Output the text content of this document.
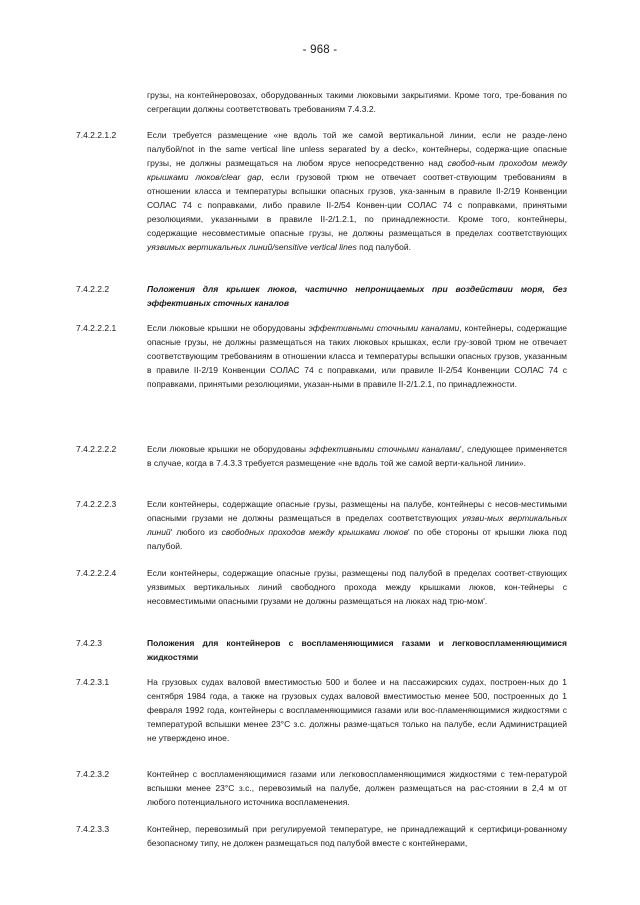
- 968 -
грузы, на контейнеровозах, оборудованных такими люковыми закрытиями. Кроме того, тре-бования по сегрегации должны соответствовать требованиям 7.4.3.2.
7.4.2.2.1.2	Если требуется размещение «не вдоль той же самой вертикальной линии, если не разде-лено палубой/not in the same vertical line unless separated by a deck», контейнеры, содержа-щие опасные грузы, не должны размещаться на любом ярусе непосредственно над свобод-ным проходом между крышками люков/clear gap, если грузовой трюм не отвечает соответ-ствующим требованиям в отношении класса и температуры вспышки опасных грузов, ука-занным в правиле II-2/19 Конвенции СОЛАС 74 с поправками, либо правиле II-2/54 Конвен-ции СОЛАС 74 с поправками, принятыми резолюциями, указанными в правиле II-2/1.2.1, по принадлежности. Кроме того, контейнеры, содержащие несовместимые опасные грузы, не должны размещаться в пределах соответствующих уязвимых вертикальных линий/sensitive vertical lines под палубой.
7.4.2.2.2	Положения для крышек люков, частично непроницаемых при воздействии моря, без эффективных сточных каналов
7.4.2.2.2.1	Если люковые крышки не оборудованы эффективными сточными каналами, контейнеры, содержащие опасные грузы, не должны размещаться на таких люковых крышках, если гру-зовой трюм не отвечает соответствующим требованиям в отношении класса и температуры вспышки опасных грузов, указанным в правиле II-2/19 Конвенции СОЛАС 74 с поправками, или правиле II-2/54 Конвенции СОЛАС 74 с поправками, принятыми резолюциями, указан-ными в правиле II-2/1.2.1, по принадлежности.
7.4.2.2.2.2	Если люковые крышки не оборудованы эффективными сточными каналами', следующее применяется в случае, когда в 7.4.3.3 требуется размещение «не вдоль той же самой верти-кальной линии».
7.4.2.2.2.3	Если контейнеры, содержащие опасные грузы, размещены на палубе, контейнеры с несов-местимыми опасными грузами не должны размещаться в пределах соответствующих уязви-мых вертикальных линий' любого из свободных проходов между крышками люков' по обе стороны от крышки люка под палубой.
7.4.2.2.2.4	Если контейнеры, содержащие опасные грузы, размещены под палубой в пределах соответ-ствующих уязвимых вертикальных линий свободного прохода между крышками люков, кон-тейнеры с несовместимыми опасными грузами не должны размещаться на люках над трю-мом'.
7.4.2.3	Положения для контейнеров с воспламеняющимися газами и легковоспламеняющимися жидкостями
7.4.2.3.1	На грузовых судах валовой вместимостью 500 и более и на пассажирских судах, построен-ных до 1 сентября 1984 года, а также на грузовых судах валовой вместимостью менее 500, построенных до 1 февраля 1992 года, контейнеры с воспламеняющимися газами или вос-пламеняющимися жидкостями с температурой вспышки менее 23°С з.с. должны разме-щаться только на палубе, если Администрацией не утверждено иное.
7.4.2.3.2	Контейнер с воспламеняющимися газами или легковоспламеняющимися жидкостями с тем-пературой вспышки менее 23°С з.с., перевозимый на палубе, должен размещаться на рас-стоянии в 2,4 м от любого потенциального источника воспламенения.
7.4.2.3.3	Контейнер, перевозимый при регулируемой температуре, не принадлежащий к сертифици-рованному безопасному типу, не должен размещаться под палубой вместе с контейнерами,
